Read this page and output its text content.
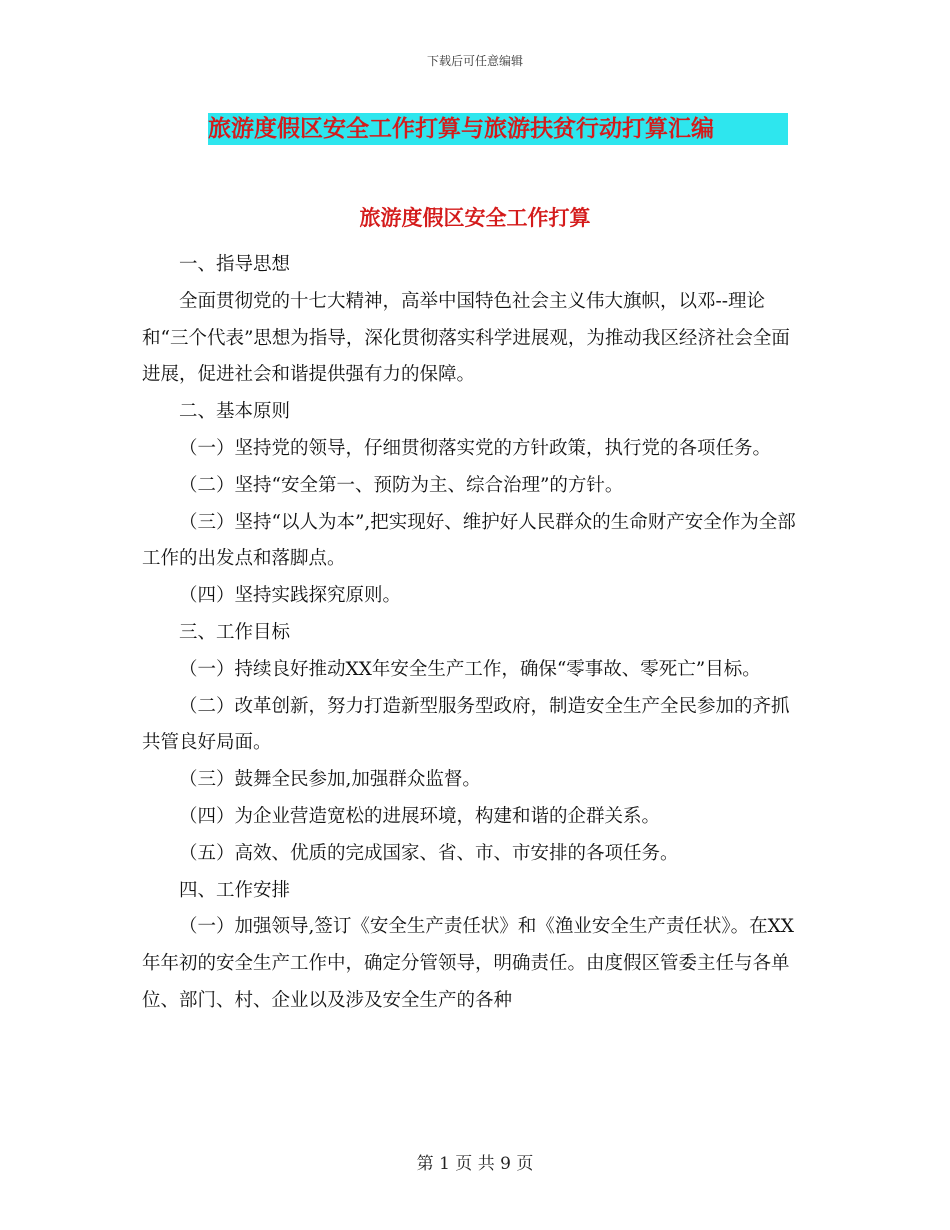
下载后可任意编辑
旅游度假区安全工作打算与旅游扶贫行动打算汇编
旅游度假区安全工作打算

一、指导思想

全面贯彻党的十七大精神，高举中国特色社会主义伟大旗帜，以邓--理论和“三个代表”思想为指导，深化贯彻落实科学进展观，为推动我区经济社会全面进展，促进社会和谐提供强有力的保障。

二、基本原则

（一）坚持党的领导，仔细贯彻落实党的方针政策，执行党的各项任务。

（二）坚持“安全第一、预防为主、综合治理”的方针。

（三）坚持“以人为本”,把实现好、维护好人民群众的生命财产安全作为全部工作的出发点和落脚点。

（四）坚持实践探究原则。

三、工作目标

（一）持续良好推动XX年安全生产工作，确保“零事故、零死亡”目标。

（二）改革创新，努力打造新型服务型政府，制造安全生产全民参加的齐抓共管良好局面。

（三）鼓舞全民参加,加强群众监督。

（四）为企业营造宽松的进展环境，构建和谐的企群关系。

（五）高效、优质的完成国家、省、市、市安排的各项任务。

四、工作安排

（一）加强领导,签订《安全生产责任状》和《渔业安全生产责任状》。在XX年年初的安全生产工作中，确定分管领导，明确责任。由度假区管委主任与各单位、部门、村、企业以及涉及安全生产的各种

第 1 页 共 9 页
